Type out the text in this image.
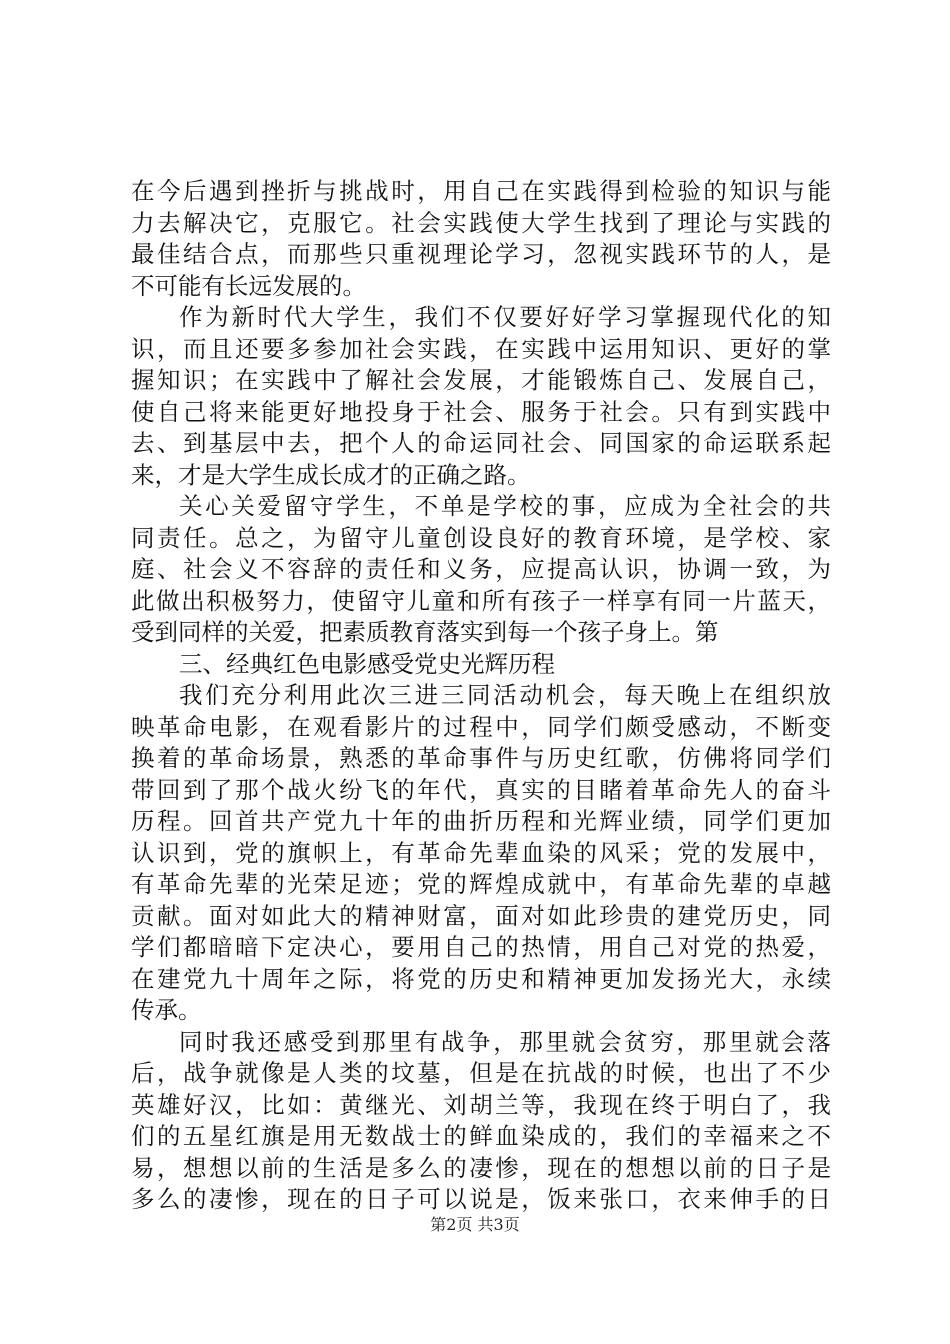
在今后遇到挫折与挑战时，用自己在实践得到检验的知识与能
力去解决它，克服它。社会实践使大学生找到了理论与实践的
最佳结合点，而那些只重视理论学习，忽视实践环节的人，是
不可能有长远发展的。
作为新时代大学生，我们不仅要好好学习掌握现代化的知
识，而且还要多参加社会实践，在实践中运用知识、更好的掌
握知识；在实践中了解社会发展，才能锻炼自己、发展自己，
使自己将来能更好地投身于社会、服务于社会。只有到实践中
去、到基层中去，把个人的命运同社会、同国家的命运联系起
来，才是大学生成长成才的正确之路。
关心关爱留守学生，不单是学校的事，应成为全社会的共
同责任。总之，为留守儿童创设良好的教育环境，是学校、家
庭、社会义不容辞的责任和义务，应提高认识，协调一致，为
此做出积极努力，使留守儿童和所有孩子一样享有同一片蓝天，
受到同样的关爱，把素质教育落实到每一个孩子身上。第
三、经典红色电影感受党史光辉历程
我们充分利用此次三进三同活动机会，每天晚上在组织放
映革命电影，在观看影片的过程中，同学们颇受感动，不断变
换着的革命场景，熟悉的革命事件与历史红歌，仿佛将同学们
带回到了那个战火纷飞的年代，真实的目睹着革命先人的奋斗
历程。回首共产党九十年的曲折历程和光辉业绩，同学们更加
认识到，党的旗帜上，有革命先辈血染的风采；党的发展中，
有革命先辈的光荣足迹；党的辉煌成就中，有革命先辈的卓越
贡献。面对如此大的精神财富，面对如此珍贵的建党历史，同
学们都暗暗下定决心，要用自己的热情，用自己对党的热爱，
在建党九十周年之际，将党的历史和精神更加发扬光大，永续
传承。
同时我还感受到那里有战争，那里就会贫穷，那里就会落
后，战争就像是人类的坟墓，但是在抗战的时候，也出了不少
英雄好汉，比如：黄继光、刘胡兰等，我现在终于明白了，我
们的五星红旗是用无数战士的鲜血染成的，我们的幸福来之不
易，想想以前的生活是多么的凄惨，现在的想想以前的日子是
多么的凄惨，现在的日子可以说是，饭来张口，衣来伸手的日
第2页 共3页
